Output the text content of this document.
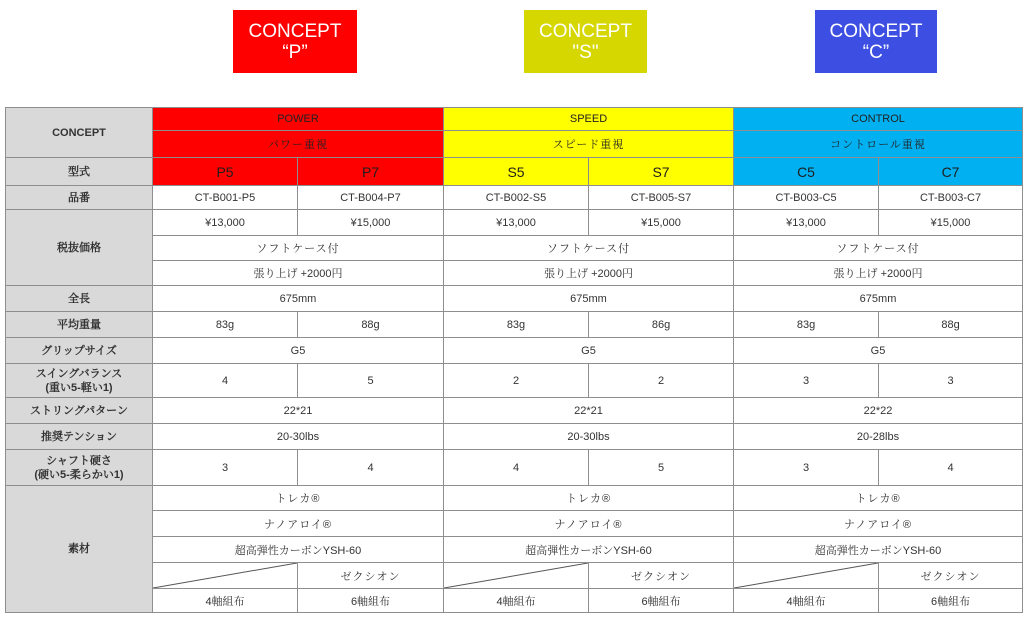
CONCEPT
“P”
CONCEPT
"S"
CONCEPT
“C”
CONCEPT	POWER		SPEED		CONTROL	
	パワー重視		スピード重視		コントロール重視	
型式	P5	P7	S5	S7	C5	C7
品番	CT-B001-P5	CT-B004-P7	CT-B002-S5	CT-B005-S7	CT-B003-C5	CT-B003-C7
税抜価格	¥13,000	¥15,000	¥13,000	¥15,000	¥13,000	¥15,000
	ソフトケース付		ソフトケース付		ソフトケース付	
	張り上げ +2000円		張り上げ +2000円		張り上げ +2000円	
全長	675mm		675mm		675mm	
平均重量	83g	88g	83g	86g	83g	88g
グリップサイズ	G5		G5		G5	

スイングバランス
(重い5-軽い1)	4	5	2	2	3	3
ストリングパターン	22*21		22*21		22*22	
推奨テンション	20-30lbs		20-30lbs		20-28lbs	

シャフト硬さ
(硬い5-柔らかい1)	3	4	4	5	3	4
素材	トレカ®		トレカ®		トレカ®	
	ナノアロイ®		ナノアロイ®		ナノアロイ®	
	超高弾性カーボンYSH-60		超高弾性カーボンYSH-60		超高弾性カーボンYSH-60	

	ゼクシオン		ゼクシオン		ゼクシオン
	4軸組布	6軸組布	4軸組布	6軸組布	4軸組布	6軸組布
